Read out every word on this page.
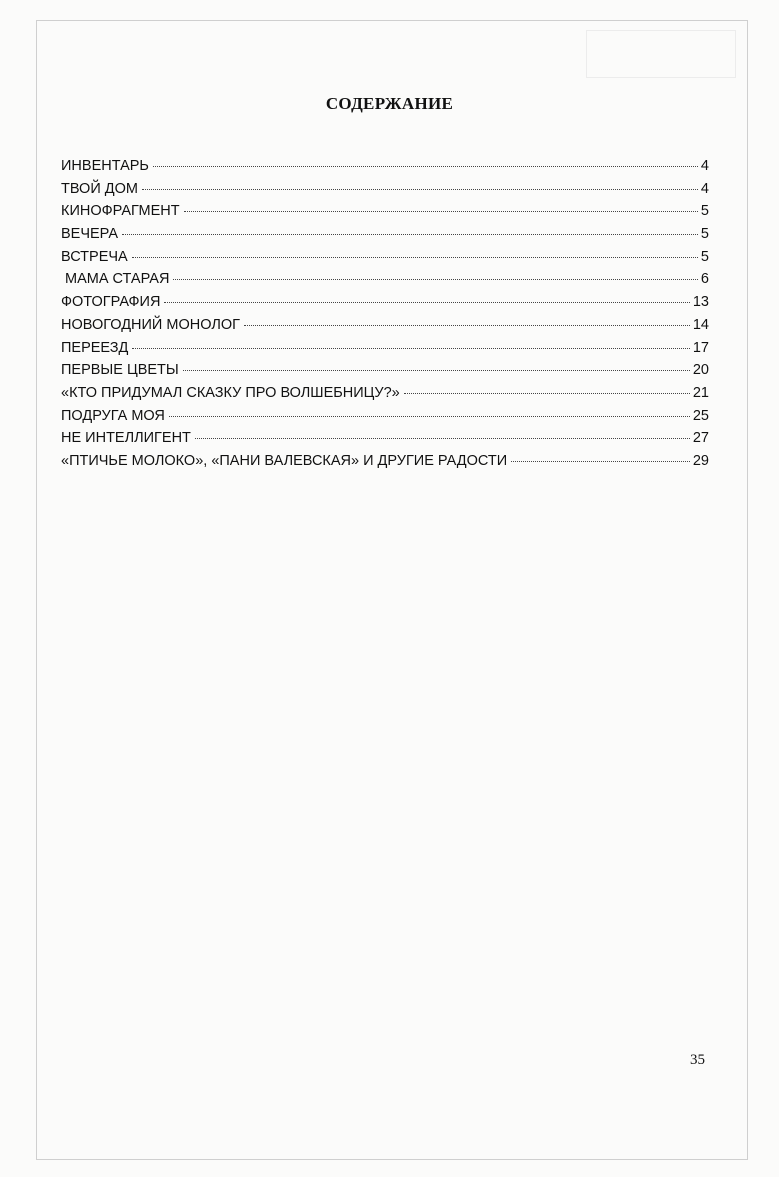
СОДЕРЖАНИЕ
ИНВЕНТАРЬ	4
ТВОЙ ДОМ	4
КИНОФРАГМЕНТ	5
ВЕЧЕРА	5
ВСТРЕЧА	5
МАМА СТАРАЯ	6
ФОТОГРАФИЯ	13
НОВОГОДНИЙ МОНОЛОГ	14
ПЕРЕЕЗД	17
ПЕРВЫЕ ЦВЕТЫ	20
«КТО ПРИДУМАЛ СКАЗКУ ПРО ВОЛШЕБНИЦУ?»	21
ПОДРУГА МОЯ	25
НЕ ИНТЕЛЛИГЕНТ	27
«ПТИЧЬЕ МОЛОКО», «ПАНИ ВАЛЕВСКАЯ» И ДРУГИЕ РАДОСТИ	29
35
